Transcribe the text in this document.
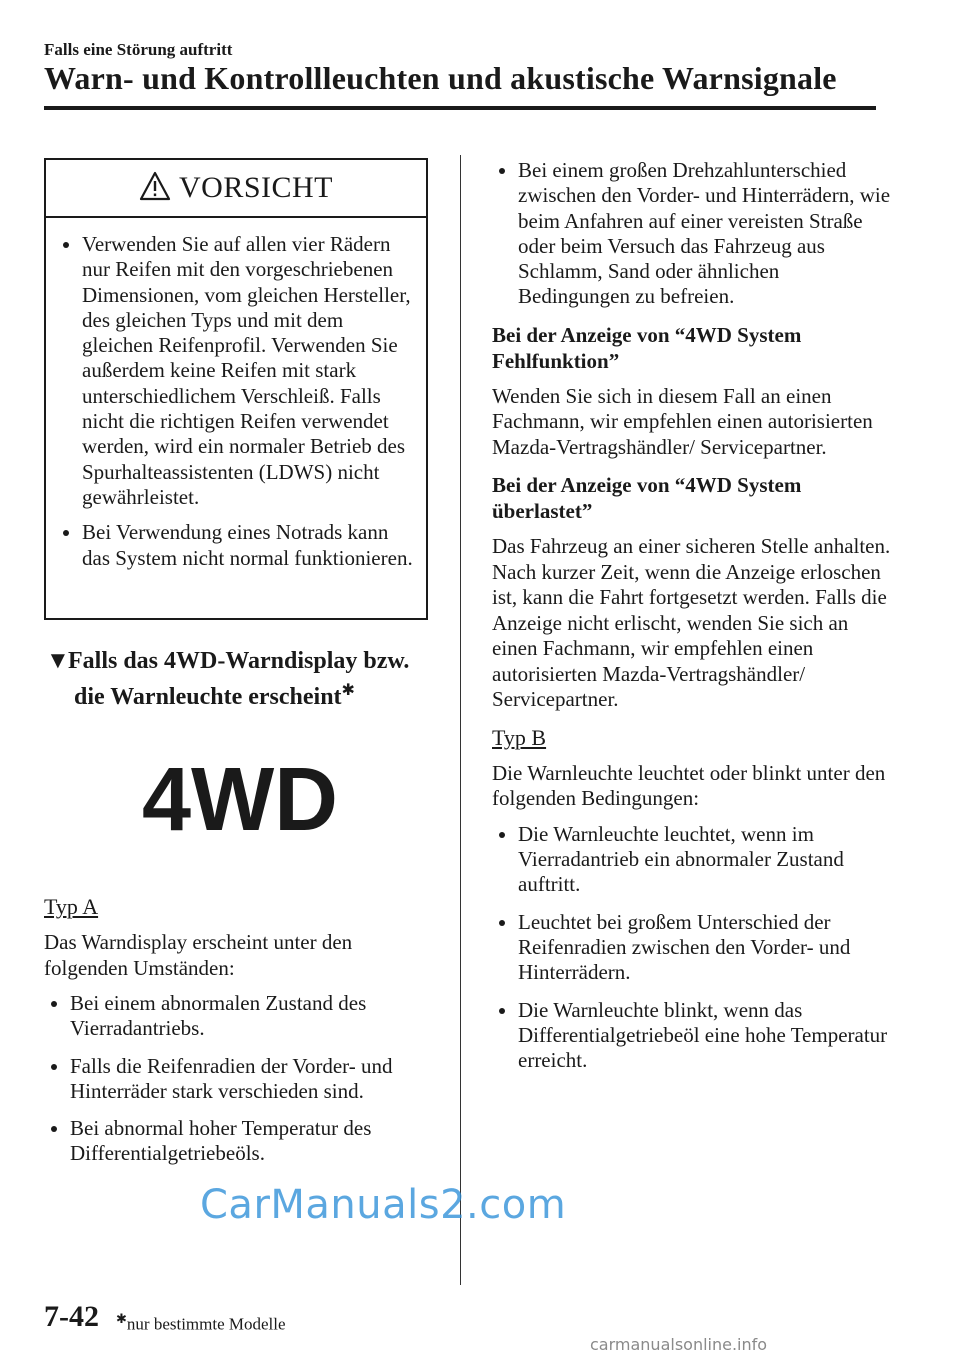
Falls eine Störung auftritt
Warn- und Kontrollleuchten und akustische Warnsignale
VORSICHT
Verwenden Sie auf allen vier Rädern nur Reifen mit den vorgeschriebenen Dimensionen, vom gleichen Hersteller, des gleichen Typs und mit dem gleichen Reifenprofil. Verwenden Sie außerdem keine Reifen mit stark unterschiedlichem Verschleiß. Falls nicht die richtigen Reifen verwendet werden, wird ein normaler Betrieb des Spurhalteassistenten (LDWS) nicht gewährleistet.
Bei Verwendung eines Notrads kann das System nicht normal funktionieren.
▼Falls das 4WD-Warndisplay bzw.
die Warnleuchte erscheint✱
4WD
Typ A
Das Warndisplay erscheint unter den folgenden Umständen:
Bei einem abnormalen Zustand des Vierradantriebs.
Falls die Reifenradien der Vorder- und Hinterräder stark verschieden sind.
Bei abnormal hoher Temperatur des Differentialgetriebeöls.
Bei einem großen Drehzahlunterschied zwischen den Vorder- und Hinterrädern, wie beim Anfahren auf einer vereisten Straße oder beim Versuch das Fahrzeug aus Schlamm, Sand oder ähnlichen Bedingungen zu befreien.
Bei der Anzeige von “4WD System Fehlfunktion”
Wenden Sie sich in diesem Fall an einen Fachmann, wir empfehlen einen autorisierten Mazda-Vertragshändler/ Servicepartner.
Bei der Anzeige von “4WD System überlastet”
Das Fahrzeug an einer sicheren Stelle anhalten. Nach kurzer Zeit, wenn die Anzeige erloschen ist, kann die Fahrt fortgesetzt werden. Falls die Anzeige nicht erlischt, wenden Sie sich an einen Fachmann, wir empfehlen einen autorisierten Mazda-Vertragshändler/ Servicepartner.
Typ B
Die Warnleuchte leuchtet oder blinkt unter den folgenden Bedingungen:
Die Warnleuchte leuchtet, wenn im Vierradantrieb ein abnormaler Zustand auftritt.
Leuchtet bei großem Unterschied der Reifenradien zwischen den Vorder- und Hinterrädern.
Die Warnleuchte blinkt, wenn das Differentialgetriebeöl eine hohe Temperatur erreicht.
7-42 ✱nur bestimmte Modelle
CarManuals2.com
carmanualsonline.info
